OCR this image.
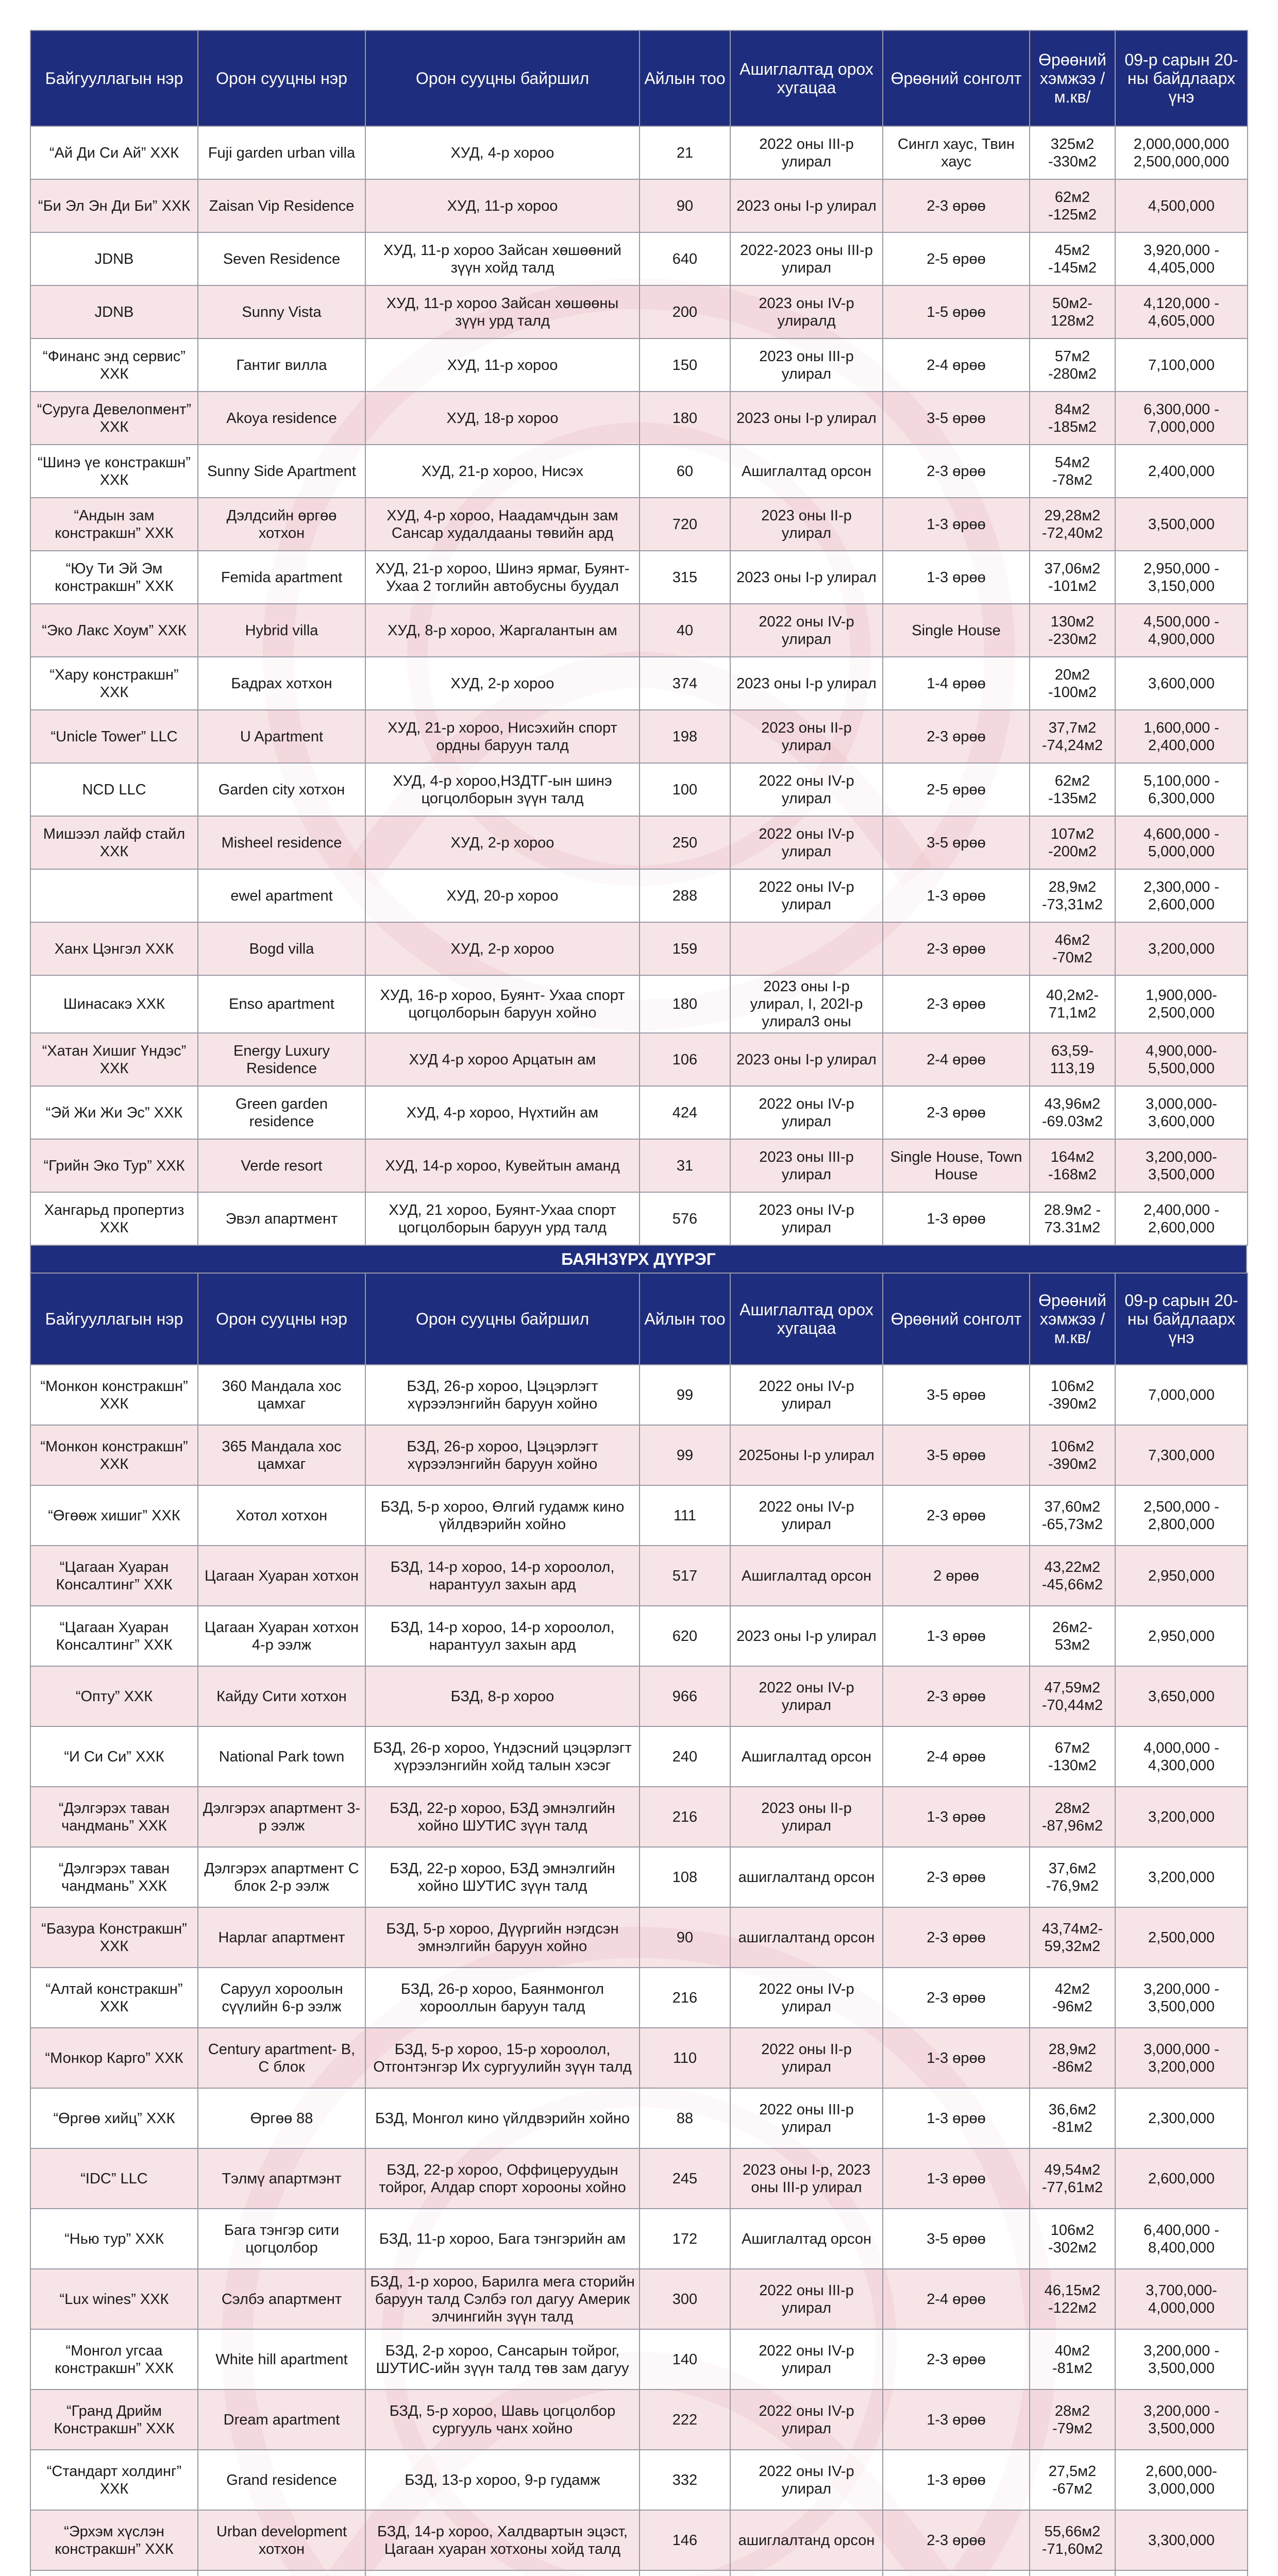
Байгууллагын нэр	Орон сууцны нэр	Орон сууцны байршил	Айлын тоо	Ашиглалтад орох хугацаа	Өрөөний сонголт	Өрөөний хэмжээ /м.кв/	09-р сарын 20-ны байдлаарх үнэ
“Ай Ди Си Ай” ХХК	Fuji garden urban villa	ХУД, 4-р хороо	21	2022 оны III-р улирал	Сингл хаус, Твин хаус	325м2 -330м2	2,000,000,000 2,500,000,000
“Би Эл Эн Ди Би” ХХК	Zaisan Vip Residence	ХУД, 11-р хороо	90	2023 оны I-р улирал	2-3 өрөө	62м2 -125м2	4,500,000
JDNB	Seven Residence	ХУД, 11-р хороо Зайсан хөшөөний зүүн хойд талд	640	2022-2023 оны III-р улирал	2-5 өрөө	45м2 -145м2	3,920,000 - 4,405,000
JDNB	Sunny Vista	ХУД, 11-р хороо Зайсан хөшөөны зүүн урд талд	200	2023 оны IV-р улиралд	1-5 өрөө	50м2- 128м2	4,120,000 - 4,605,000
“Финанс энд сервис” ХХК	Гантиг вилла	ХУД, 11-р хороо	150	2023 оны III-р улирал	2-4 өрөө	57м2 -280м2	7,100,000
“Суруга Девелопмент” ХХК	Akoya residence	ХУД, 18-р хороо	180	2023 оны I-р улирал	3-5 өрөө	84м2 -185м2	6,300,000 - 7,000,000
“Шинэ үе констракшн” ХХК	Sunny Side Apartment	ХУД, 21-р хороо, Нисэх	60	Ашиглалтад орсон	2-3 өрөө	54м2 -78м2	2,400,000
“Андын зам констракшн” ХХК	Дэлдсийн өргөө хотхон	ХУД, 4-р хороо, Наадамчдын зам Сансар худалдааны төвийн ард	720	2023 оны II-р улирал	1-3 өрөө	29,28м2 -72,40м2	3,500,000
“Юу Ти Эй Эм констракшн” ХХК	Femida apartment	ХУД, 21-р хороо, Шинэ ярмаг, Буянт-Ухаа 2 тоглийн автобусны буудал	315	2023 оны I-р улирал	1-3 өрөө	37,06м2 -101м2	2,950,000 - 3,150,000
“Эко Лакс Хоум” ХХК	Hybrid villa	ХУД, 8-р хороо, Жаргалантын ам	40	2022 оны IV-р улирал	Single House	130м2 -230м2	4,500,000 - 4,900,000
“Хару констракшн” ХХК	Бадрах хотхон	ХУД, 2-р хороо	374	2023 оны I-р улирал	1-4 өрөө	20м2 -100м2	3,600,000
“Unicle Tower” LLC	U Apartment	ХУД, 21-р хороо, Нисэхийн спорт ордны баруун талд	198	2023 оны II-р улирал	2-3 өрөө	37,7м2 -74,24м2	1,600,000 - 2,400,000
NCD LLC	Garden city хотхон	ХУД, 4-р хороо,НЗДТГ-ын шинэ цогцолборын зүүн талд	100	2022 оны IV-р улирал	2-5 өрөө	62м2 -135м2	5,100,000 - 6,300,000
Мишээл лайф стайл ХХК	Misheel residence	ХУД, 2-р хороо	250	2022 оны IV-р улирал	3-5 өрөө	107м2 -200м2	4,600,000 - 5,000,000
	ewel apartment	ХУД, 20-р хороо	288	2022 оны IV-р улирал	1-3 өрөө	28,9м2 -73,31м2	2,300,000 - 2,600,000
Ханх Цэнгэл ХХК	Bogd villa	ХУД, 2-р хороо	159		2-3 өрөө	46м2 -70м2	3,200,000
Шинасакэ ХХК	Enso apartment	ХУД, 16-р хороо, Буянт- Ухаа спорт цогцолборын баруун хойно	180	2023 оны I-р улирал, I, 202I-р улирал3 оны	2-3 өрөө	40,2м2- 71,1м2	1,900,000- 2,500,000
“Хатан Хишиг Үндэс” ХХК	Energy Luxury Residence	ХУД 4-р хороо Арцатын ам	106	2023 оны I-р улирал	2-4 өрөө	63,59- 113,19	4,900,000- 5,500,000
“Эй Жи Жи Эс” ХХК	Green garden residence	ХУД, 4-р хороо, Нүхтийн ам	424	2022 оны IV-р улирал	2-3 өрөө	43,96м2 -69.03м2	3,000,000- 3,600,000
“Грийн Эко Тур” ХХК	Verde resort	ХУД, 14-р хороо, Кувейтын аманд	31	2023 оны III-р улирал	Single House, Town House	164м2 -168м2	3,200,000- 3,500,000
Хангарьд пропертиз ХХК	Эвэл апартмент	ХУД, 21 хороо, Буянт-Ухаа спорт цогцолборын баруун урд талд	576	2023 оны IV-р улирал	1-3 өрөө	28.9м2 - 73.31м2	2,400,000 - 2,600,000
БАЯНЗҮРХ ДҮҮРЭГ
Байгууллагын нэр	Орон сууцны нэр	Орон сууцны байршил	Айлын тоо	Ашиглалтад орох хугацаа	Өрөөний сонголт	Өрөөний хэмжээ /м.кв/	09-р сарын 20-ны байдлаарх үнэ
“Монкон констракшн” ХХК	360 Мандала хос цамхаг	БЗД, 26-р хороо, Цэцэрлэгт хүрээлэнгийн баруун хойно	99	2022 оны IV-р улирал	3-5 өрөө	106м2 -390м2	7,000,000
“Монкон констракшн” ХХК	365 Мандала хос цамхаг	БЗД, 26-р хороо, Цэцэрлэгт хүрээлэнгийн баруун хойно	99	2025оны I-р улирал	3-5 өрөө	106м2 -390м2	7,300,000
“Өгөөж хишиг” ХХК	Хотол хотхон	БЗД, 5-р хороо, Өлгий гудамж кино үйлдвэрийн хойно	111	2022 оны IV-р улирал	2-3 өрөө	37,60м2 -65,73м2	2,500,000 - 2,800,000
“Цагаан Хуаран Консалтинг” ХХК	Цагаан Хуаран хотхон	БЗД, 14-р хороо, 14-р хороолол, нарантуул захын ард	517	Ашиглалтад орсон	2 өрөө	43,22м2 -45,66м2	2,950,000
“Цагаан Хуаран Консалтинг” ХХК	Цагаан Хуаран хотхон 4-р ээлж	БЗД, 14-р хороо, 14-р хороолол, нарантуул захын ард	620	2023 оны I-р улирал	1-3 өрөө	26м2- 53м2	2,950,000
“Опту” ХХК	Кайду Сити хотхон	БЗД, 8-р хороо	966	2022 оны IV-р улирал	2-3 өрөө	47,59м2 -70,44м2	3,650,000
“И Си Си” ХХК	National Park town	БЗД, 26-р хороо, Үндэсний цэцэрлэгт хүрээлэнгийн хойд талын хэсэг	240	Ашиглалтад орсон	2-4 өрөө	67м2 -130м2	4,000,000 - 4,300,000
“Дэлгэрэх таван чандмань” ХХК	Дэлгэрэх апартмент 3-р ээлж	БЗД, 22-р хороо, БЗД эмнэлгийн хойно ШУТИС зүүн талд	216	2023 оны II-р улирал	1-3 өрөө	28м2 -87,96м2	3,200,000
“Дэлгэрэх таван чандмань” ХХК	Дэлгэрэх апартмент С блок 2-р ээлж	БЗД, 22-р хороо, БЗД эмнэлгийн хойно ШУТИС зүүн талд	108	ашиглалтанд орсон	2-3 өрөө	37,6м2 -76,9м2	3,200,000
“Базура Констракшн” ХХК	Нарлаг апартмент	БЗД, 5-р хороо, Дүүргийн нэгдсэн эмнэлгийн баруун хойно	90	ашиглалтанд орсон	2-3 өрөө	43,74м2- 59,32м2	2,500,000
“Алтай констракшн” ХХК	Саруул хороолын сүүлийн 6-р ээлж	БЗД, 26-р хороо, Баянмонгол хорооллын баруун талд	216	2022 оны IV-р улирал	2-3 өрөө	42м2 -96м2	3,200,000 - 3,500,000
“Монкор Карго” ХХК	Century apartment- В, С блок	БЗД, 5-р хороо, 15-р хороолол, Отгонтэнгэр Их сургуулийн зүүн талд	110	2022 оны II-р улирал	1-3 өрөө	28,9м2 -86м2	3,000,000 - 3,200,000
“Өргөө хийц” ХХК	Өргөө 88	БЗД, Монгол кино үйлдвэрийн хойно	88	2022 оны III-р улирал	1-3 өрөө	36,6м2 -81м2	2,300,000
“IDC” LLC	Тэлмү апартмэнт	БЗД, 22-р хороо, Оффицеруудын тойрог, Алдар спорт хорооны хойно	245	2023 оны I-р, 2023 оны III-р улирал	1-3 өрөө	49,54м2 -77,61м2	2,600,000
“Нью тур” ХХК	Бага тэнгэр сити цогцолбор	БЗД, 11-р хороо, Бага тэнгэрийн ам	172	Ашиглалтад орсон	3-5 өрөө	106м2 -302м2	6,400,000 - 8,400,000
“Lux wines” ХХК	Сэлбэ апартмент	БЗД, 1-р хороо, Барилга мега сторийн баруун талд Сэлбэ гол дагуу Америк элчингийн зүүн талд	300	2022 оны III-р улирал	2-4 өрөө	46,15м2 -122м2	3,700,000- 4,000,000
“Монгол угсаа констракшн” ХХК	White hill apartment	БЗД, 2-р хороо, Сансарын тойрог, ШУТИС-ийн зүүн талд төв зам дагуу	140	2022 оны IV-р улирал	2-3 өрөө	40м2 -81м2	3,200,000 - 3,500,000
“Гранд Дрийм Констракшн” ХХК	Dream apartment	БЗД, 5-р хороо, Шавь цогцолбор сургууль чанх хойно	222	2022 оны IV-р улирал	1-3 өрөө	28м2 -79м2	3,200,000 - 3,500,000
“Стандарт холдинг” ХХК	Grand residence	БЗД, 13-р хороо, 9-р гудамж	332	2022 оны IV-р улирал	1-3 өрөө	27,5м2 -67м2	2,600,000- 3,000,000
“Эрхэм хүслэн констракшн” ХХК	Urban development хотхон	БЗД, 14-р хороо, Халдвартын эцэст, Цагаан хуаран хотхоны хойд талд	146	ашиглалтанд орсон	2-3 өрөө	55,66м2 -71,60м2	3,300,000
